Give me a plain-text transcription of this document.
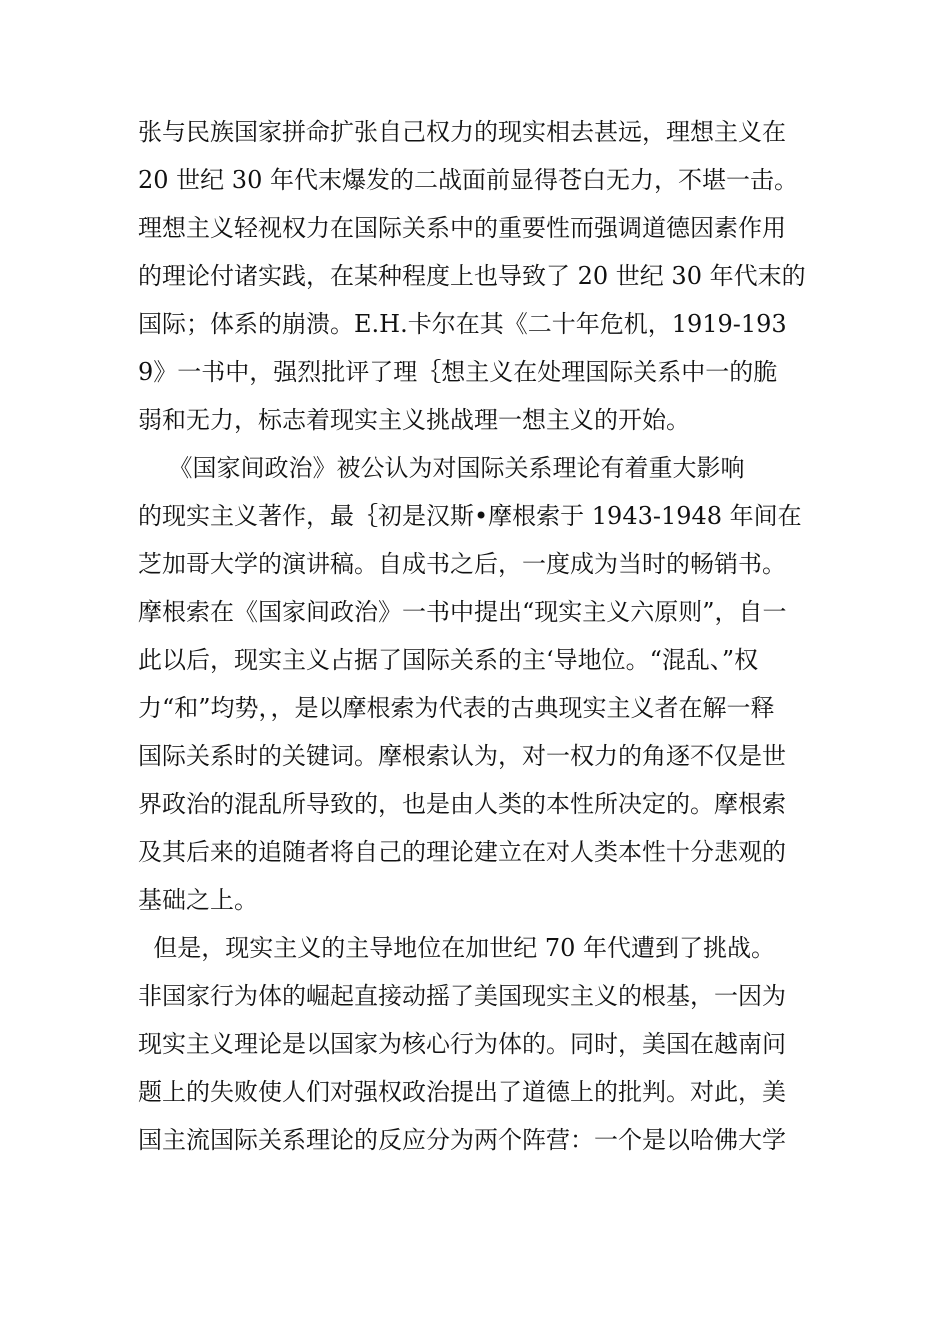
张与民族国家拼命扩张自己权力的现实相去甚远，理想主义在
20 世纪 30 年代末爆发的二战面前显得苍白无力，不堪一击。
理想主义轻视权力在国际关系中的重要性而强调道德因素作用
的理论付诸实践，在某种程度上也导致了 20 世纪 30 年代末的
国际；体系的崩溃。E.H.卡尔在其《二十年危机，1919-193
9》一书中，强烈批评了理｛想主义在处理国际关系中一的脆
弱和无力，标志着现实主义挑战理一想主义的开始。
《国家间政治》被公认为对国际关系理论有着重大影响
的现实主义著作，最｛初是汉斯•摩根索于 1943-1948 年间在
芝加哥大学的演讲稿。自成书之后，一度成为当时的畅销书。
摩根索在《国家间政治》一书中提出“现实主义六原则”，自一
此以后，现实主义占据了国际关系的主‘导地位。“混乱、”权
力“和”均势，，是以摩根索为代表的古典现实主义者在解一释
国际关系时的关键词。摩根索认为，对一权力的角逐不仅是世
界政治的混乱所导致的，也是由人类的本性所决定的。摩根索
及其后来的追随者将自己的理论建立在对人类本性十分悲观的
基础之上。
但是，现实主义的主导地位在加世纪 70 年代遭到了挑战。
非国家行为体的崛起直接动摇了美国现实主义的根基，一因为
现实主义理论是以国家为核心行为体的。同时，美国在越南问
题上的失败使人们对强权政治提出了道德上的批判。对此，美
国主流国际关系理论的反应分为两个阵营：一个是以哈佛大学
